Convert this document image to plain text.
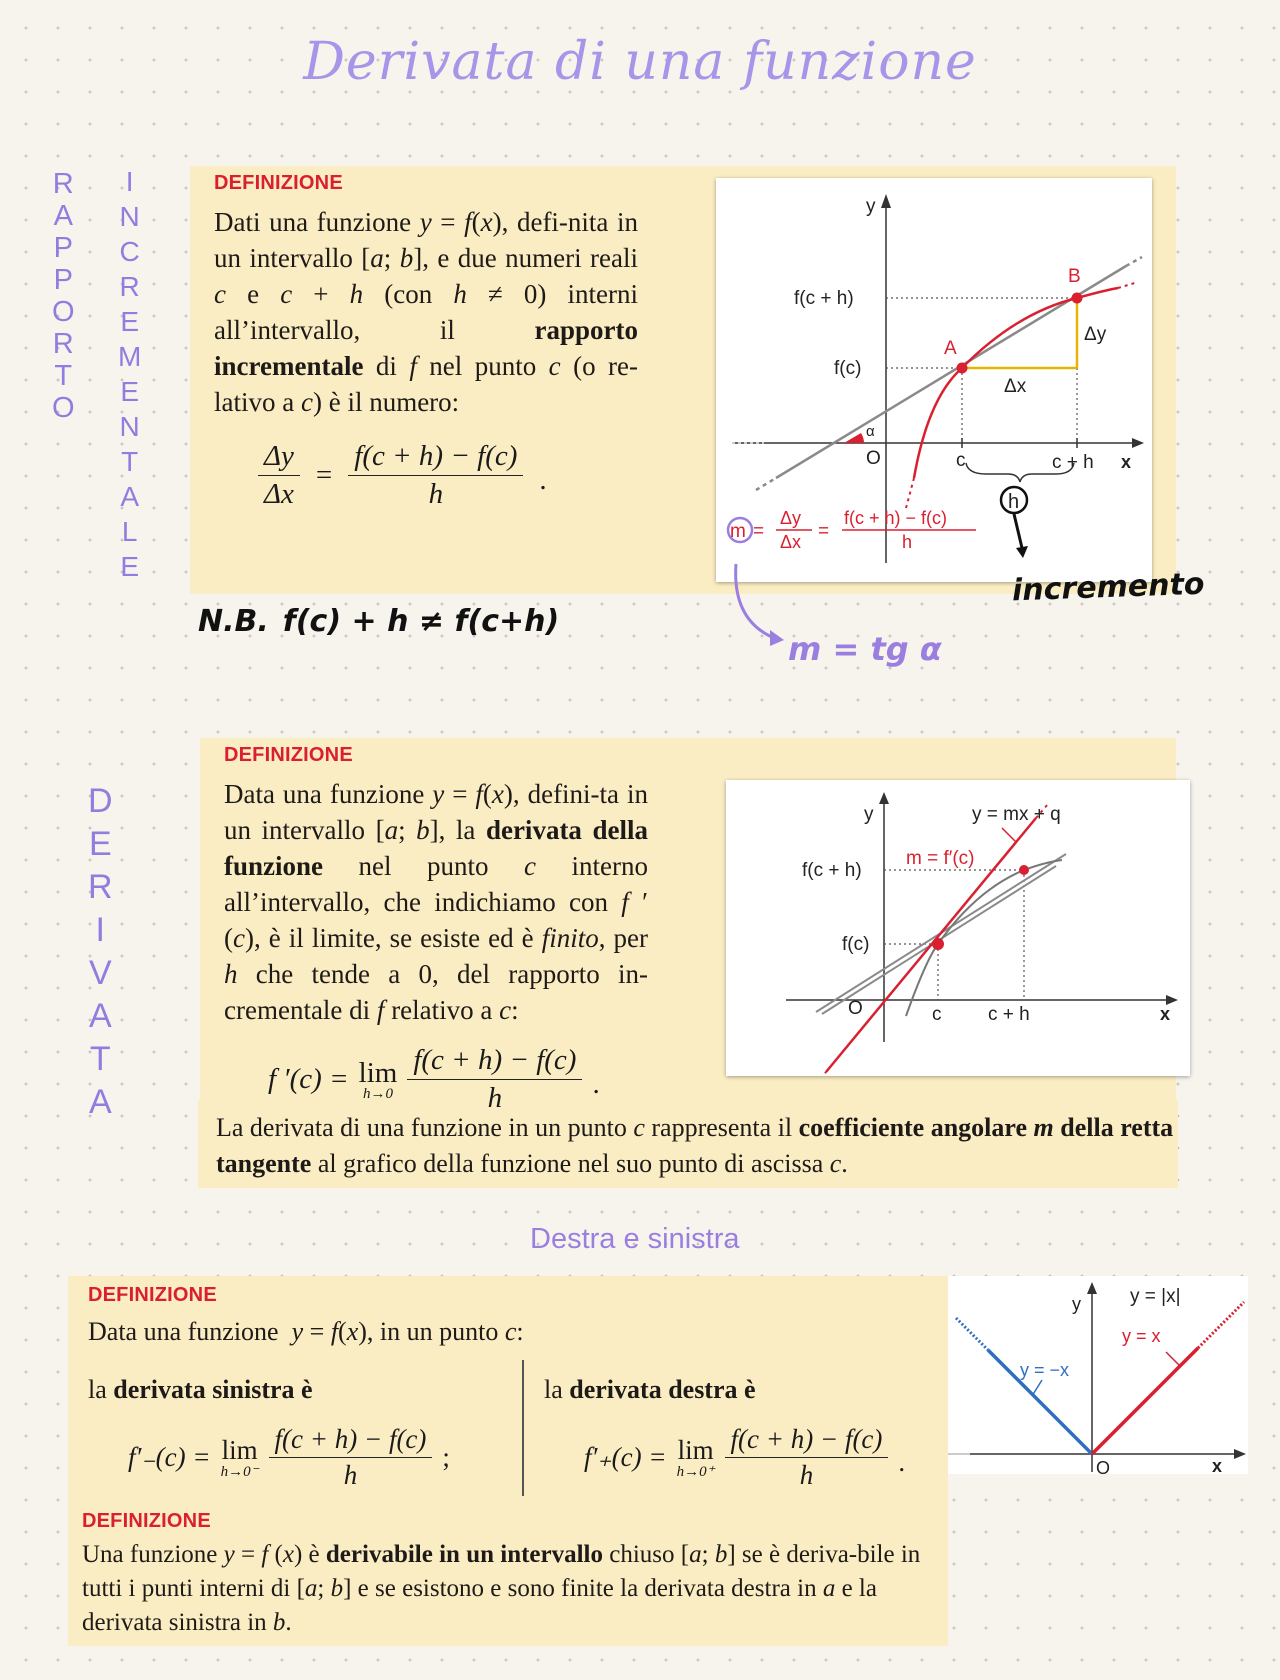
Derivata di una funzione
R
A
P
P
O
R
T
O
I
N
C
R
E
M
E
N
T
A
L
E
D
E
R
I
V
A
T
A
DEFINIZIONE
Dati una funzione y = f(x), defi-nita in un intervallo [a; b], e due numeri reali c e c + h (con h ≠ 0) interni all’intervallo, il rapporto incrementale di f nel punto c (o re-lativo a c) è il numero:
$\frac{\Delta y}{\Delta x} = \frac{f(c + h) - f(c)}{h}$ .
y
x
O
f(c + h)
f(c)
A
B
Δx
Δy
α
c	c + h
h
m =
Δy
Δx =
f(c + h) − f(c)
h
incremento
N.B. f(c) + h ≠ f(c+h)
m = tg α
DEFINIZIONE
Data una funzione y = f(x), defini-ta in un intervallo [a; b], la derivata della funzione nel punto c interno all’intervallo, che indichiamo con f ′(c), è il limite, se esiste ed è finito, per h che tende a 0, del rapporto in-crementale di f relativo a c:
f ′(c) = lim
$h\to 0 \frac{f(c + h) - f(c)}{h}$ .
La derivata di una funzione in un punto c rappresenta il coefficiente angolare m della retta tangente al grafico della funzione nel suo punto di ascissa c.
y
x
O
f(c + h)
f(c)
y = mx + q
m = f′(c)
c c + h
Destra e sinistra
DEFINIZIONE
Data una funzione  y = f(x), in un punto c:
la derivata sinistra è	la derivata destra è
f′₋(c) = lim
$h\to 0^- \frac{f(c + h) - f(c)}{h}$ ;	f′₊(c) = lim
$h\to 0^+ \frac{f(c + h) - f(c)}{h}$ .
DEFINIZIONE
Una funzione y = f (x) è derivabile in un intervallo chiuso [a; b] se è deriva-bile in tutti i punti interni di [a; b] e se esistono e sono finite la derivata destra in a e la derivata sinistra in b.
y
x
O
y = |x|
y = −x
y = x
